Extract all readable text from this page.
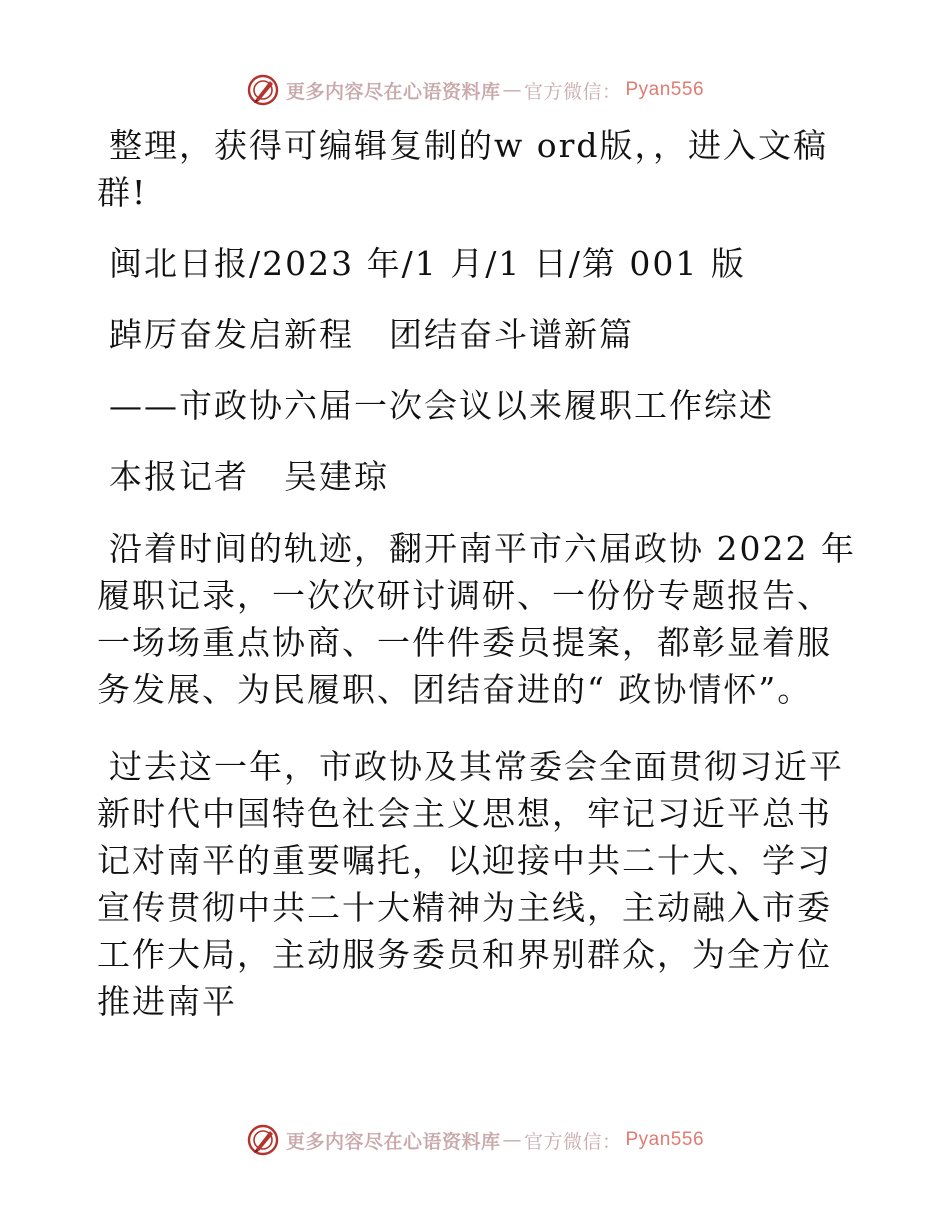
更多内容尽在心语资料库 — 官方微信： Pyan556

整理，获得可编辑复制的w ord版，，进入文稿群!

闽北日报/2023 年/1 月/1 日/第 001 版

踔厉奋发启新程　团结奋斗谱新篇

——市政协六届一次会议以来履职工作综述

本报记者　吴建琼

沿着时间的轨迹，翻开南平市六届政协 2022 年履职记录，一次次研讨调研、一份份专题报告、一场场重点协商、一件件委员提案，都彰显着服务发展、为民履职、团结奋进的“ 政协情怀”。

过去这一年，市政协及其常委会全面贯彻习近平新时代中国特色社会主义思想，牢记习近平总书记对南平的重要嘱托，以迎接中共二十大、学习宣传贯彻中共二十大精神为主线，主动融入市委工作大局，主动服务委员和界别群众，为全方位推进南平

更多内容尽在心语资料库 — 官方微信： Pyan556
